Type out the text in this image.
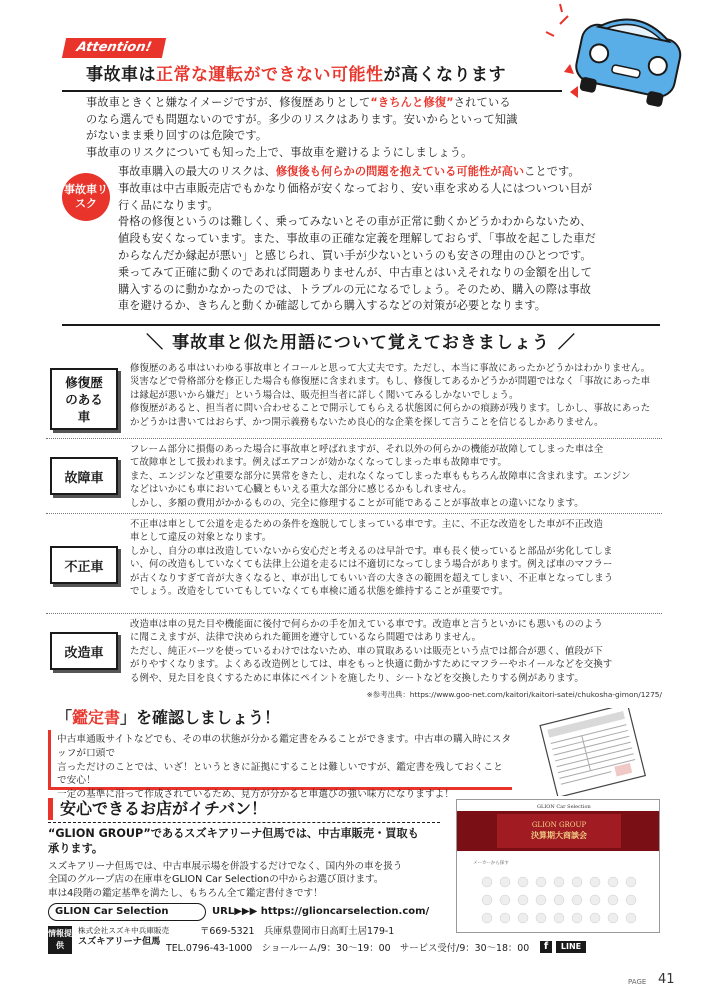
Attention!
事故車は正常な運転ができない可能性が高くなります
事故車ときくと嫌なイメージですが、修復歴ありとして“きちんと修復”されている
のなら選んでも問題ないのですが。多少のリスクはあります。安いからといって知識
がないまま乗り回すのは危険です。
事故車のリスクについても知った上で、事故車を避けるようにしましょう。
事故車リスク
事故車購入の最大のリスクは、修復後も何らかの問題を抱えている可能性が高いことです。
事故車は中古車販売店でもかなり価格が安くなっており、安い車を求める人にはついつい目が
行く品になります。
骨格の修復というのは難しく、乗ってみないとその車が正常に動くかどうかわからないため、
値段も安くなっています。また、事故車の正確な定義を理解しておらず、「事故を起こした車だ
からなんだか縁起が悪い」と感じられ、買い手が少ないというのも安さの理由のひとつです。
乗ってみて正確に動くのであれば問題ありませんが、中古車とはいえそれなりの金額を出して
購入するのに動かなかったのでは、トラブルの元になるでしょう。そのため、購入の際は事故
車を避けるか、きちんと動くか確認してから購入するなどの対策が必要となります。
＼ 事故車と似た用語について覚えておきましょう ／
修復歴のある車
修復歴のある車はいわゆる事故車とイコールと思って大丈夫です。ただし、本当に事故にあったかどうかはわかりません。
災害などで骨格部分を修正した場合も修復歴に含まれます。もし、修復してあるかどうかが問題ではなく「事故にあった車
は縁起が悪いから嫌だ」という場合は、販売担当者に詳しく聞いてみるしかないでしょう。
修復歴があると、担当者に問い合わせることで開示してもらえる状態図に何らかの痕跡が残ります。しかし、事故にあった
かどうかは書いてはおらず、かつ開示義務もないため良心的な企業を探して言うことを信じるしかありません。
故障車
フレーム部分に損傷のあった場合に事故車と呼ばれますが、それ以外の何らかの機能が故障してしまった車は全
て故障車として扱われます。例えばエアコンが効かなくなってしまった車も故障車です。
また、エンジンなど重要な部分に異常をきたし、走れなくなってしまった車ももちろん故障車に含まれます。エンジン
などはいかにも車において心臓ともいえる重大な部分に感じるかもしれません。
しかし、多額の費用がかかるものの、完全に修理することが可能であることが事故車との違いになります。
不正車
不正車は車として公道を走るための条件を逸脱してしまっている車です。主に、不正な改造をした車が不正改造
車として違反の対象となります。
しかし、自分の車は改造していないから安心だと考えるのは早計です。車も長く使っていると部品が劣化してしま
い、何の改造もしていなくても法律上公道を走るには不適切になってしまう場合があります。例えば車のマフラー
が古くなりすぎて音が大きくなると、車が出してもいい音の大きさの範囲を超えてしまい、不正車となってしまう
でしょう。改造をしていてもしていなくても車検に通る状態を維持することが重要です。
改造車
改造車は車の見た目や機能面に後付で何らかの手を加えている車です。改造車と言うといかにも悪いもののよう
に聞こえますが、法律で決められた範囲を遵守しているなら問題ではありません。
ただし、純正パーツを使っているわけではないため、車の買取あるいは販売という点では都合が悪く、値段が下
がりやすくなります。よくある改造例としては、車をもっと快適に動かすためにマフラーやホイールなどを交換す
る例や、見た目を良くするために車体にペイントを施したり、シートなどを交換したりする例があります。
※参考出典：https://www.goo-net.com/kaitori/kaitori-satei/chukosha-gimon/1275/
「鑑定書」を確認しましょう！
中古車通販サイトなどでも、その車の状態が分かる鑑定書をみることができます。中古車の購入時にスタッフが口頭で
言っただけのことでは、いざ！というときに証拠にすることは難しいですが、鑑定書を残しておくことで安心！
一定の基準に沿って作成されているため、見方が分かると車選びの強い味方になりますよ！
安心できるお店がイチバン！
“GLION GROUP”であるスズキアリーナ但馬では、中古車販売・買取も
承ります。
スズキアリーナ但馬では、中古車展示場を併設するだけでなく、国内外の車を扱う
全国のグループ店の在庫車をGLION Car Selectionの中からお選び頂けます。
車は4段階の鑑定基準を満たし、もちろん全て鑑定書付きです！
GLION Car Selection	URL▶▶▶ https://glioncarselection.com/
GLION Car Selection
GLION GROUP
決算期大商談会
メーカーから探す
情報提供
株式会社スズキ中兵庫販売
スズキアリーナ但馬
〒669-5321　兵庫県豊岡市日高町土居179-1
TEL.0796-43-1000　ショールーム/9：30～19：00　サービス受付/9：30～18：00	f	LINE
PAGE 41
